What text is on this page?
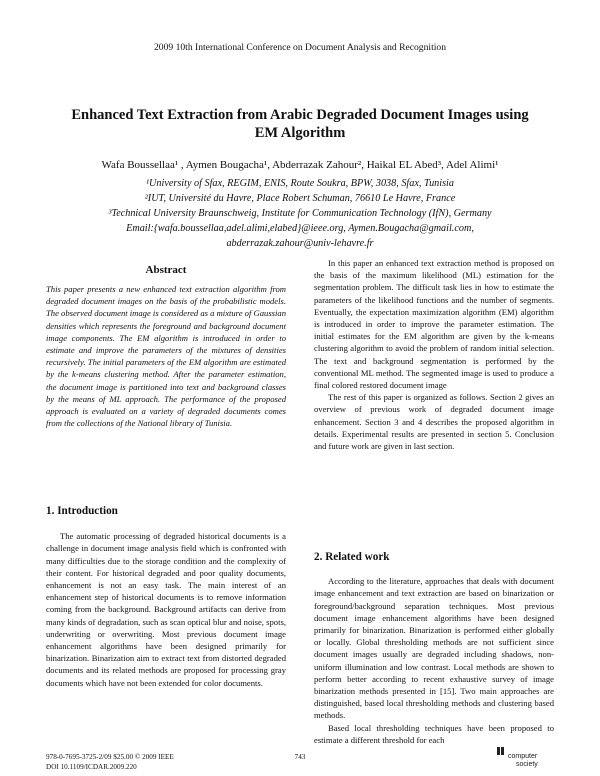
2009 10th International Conference on Document Analysis and Recognition
Enhanced Text Extraction from Arabic Degraded Document Images using
EM Algorithm
Wafa Boussellaa¹ , Aymen Bougacha¹, Abderrazak Zahour², Haikal EL Abed³, Adel Alimi¹
¹University of Sfax, REGIM, ENIS, Route Soukra, BPW, 3038, Sfax, Tunisia
²IUT, Université du Havre, Place Robert Schuman, 76610 Le Havre, France
³Technical University Braunschweig, Institute for Communication Technology (IfN), Germany
Email:{wafa.boussellaa,adel.alimi,elabed}@ieee.org, Aymen.Bougacha@gmail.com,
abderrazak.zahour@univ-lehavre.fr
Abstract

This paper presents a new enhanced text extraction algorithm from degraded document images on the basis of the probabilistic models. The observed document image is considered as a mixture of Gaussian densities which represents the foreground and background document image components. The EM algorithm is introduced in order to estimate and improve the parameters of the mixtures of densities recursively. The initial parameters of the EM algorithm are estimated by the k-means clustering method. After the parameter estimation, the document image is partitioned into text and background classes by the means of ML approach. The performance of the proposed approach is evaluated on a variety of degraded documents comes from the collections of the National library of Tunisia.

1. Introduction

The automatic processing of degraded historical documents is a challenge in document image analysis field which is confronted with many difficulties due to the storage condition and the complexity of their content. For historical degraded and poor quality documents, enhancement is not an easy task. The main interest of an enhancement step of historical documents is to remove information coming from the background. Background artifacts can derive from many kinds of degradation, such as scan optical blur and noise, spots, underwriting or overwriting. Most previous document image enhancement algorithms have been designed primarily for binarization. Binarization aim to extract text from distorted degraded documents and its related methods are proposed for processing gray documents which have not been extended for color documents.

In this paper an enhanced text extraction method is proposed on the basis of the maximum likelihood (ML) estimation for the segmentation problem. The difficult task lies in how to estimate the parameters of the likelihood functions and the number of segments. Eventually, the expectation maximization algorithm (EM) algorithm is introduced in order to improve the parameter estimation. The initial estimates for the EM algorithm are given by the k-means clustering algorithm to avoid the problem of random initial selection. The text and background segmentation is performed by the conventional ML method. The segmented image is used to produce a final colored restored document image

The rest of this paper is organized as follows. Section 2 gives an overview of previous work of degraded document image enhancement. Section 3 and 4 describes the proposed algorithm in details. Experimental results are presented in section 5. Conclusion and future work are given in last section.

2. Related work

According to the literature, approaches that deals with document image enhancement and text extraction are based on binarization or foreground/background separation techniques. Most previous document image enhancement algorithms have been designed primarily for binarization. Binarization is performed either globally or locally. Global thresholding methods are not sufficient since document images usually are degraded including shadows, non-uniform illumination and low contrast. Local methods are shown to perform better according to recent exhaustive survey of image binarization methods presented in [15]. Two main approaches are distinguished, based local thresholding methods and clustering based methods.

Based local thresholding techniques have been proposed to estimate a different threshold for each

978-0-7695-3725-2/09 $25.00 © 2009 IEEE
DOI 10.1109/ICDAR.2009.220
743	computer
society
